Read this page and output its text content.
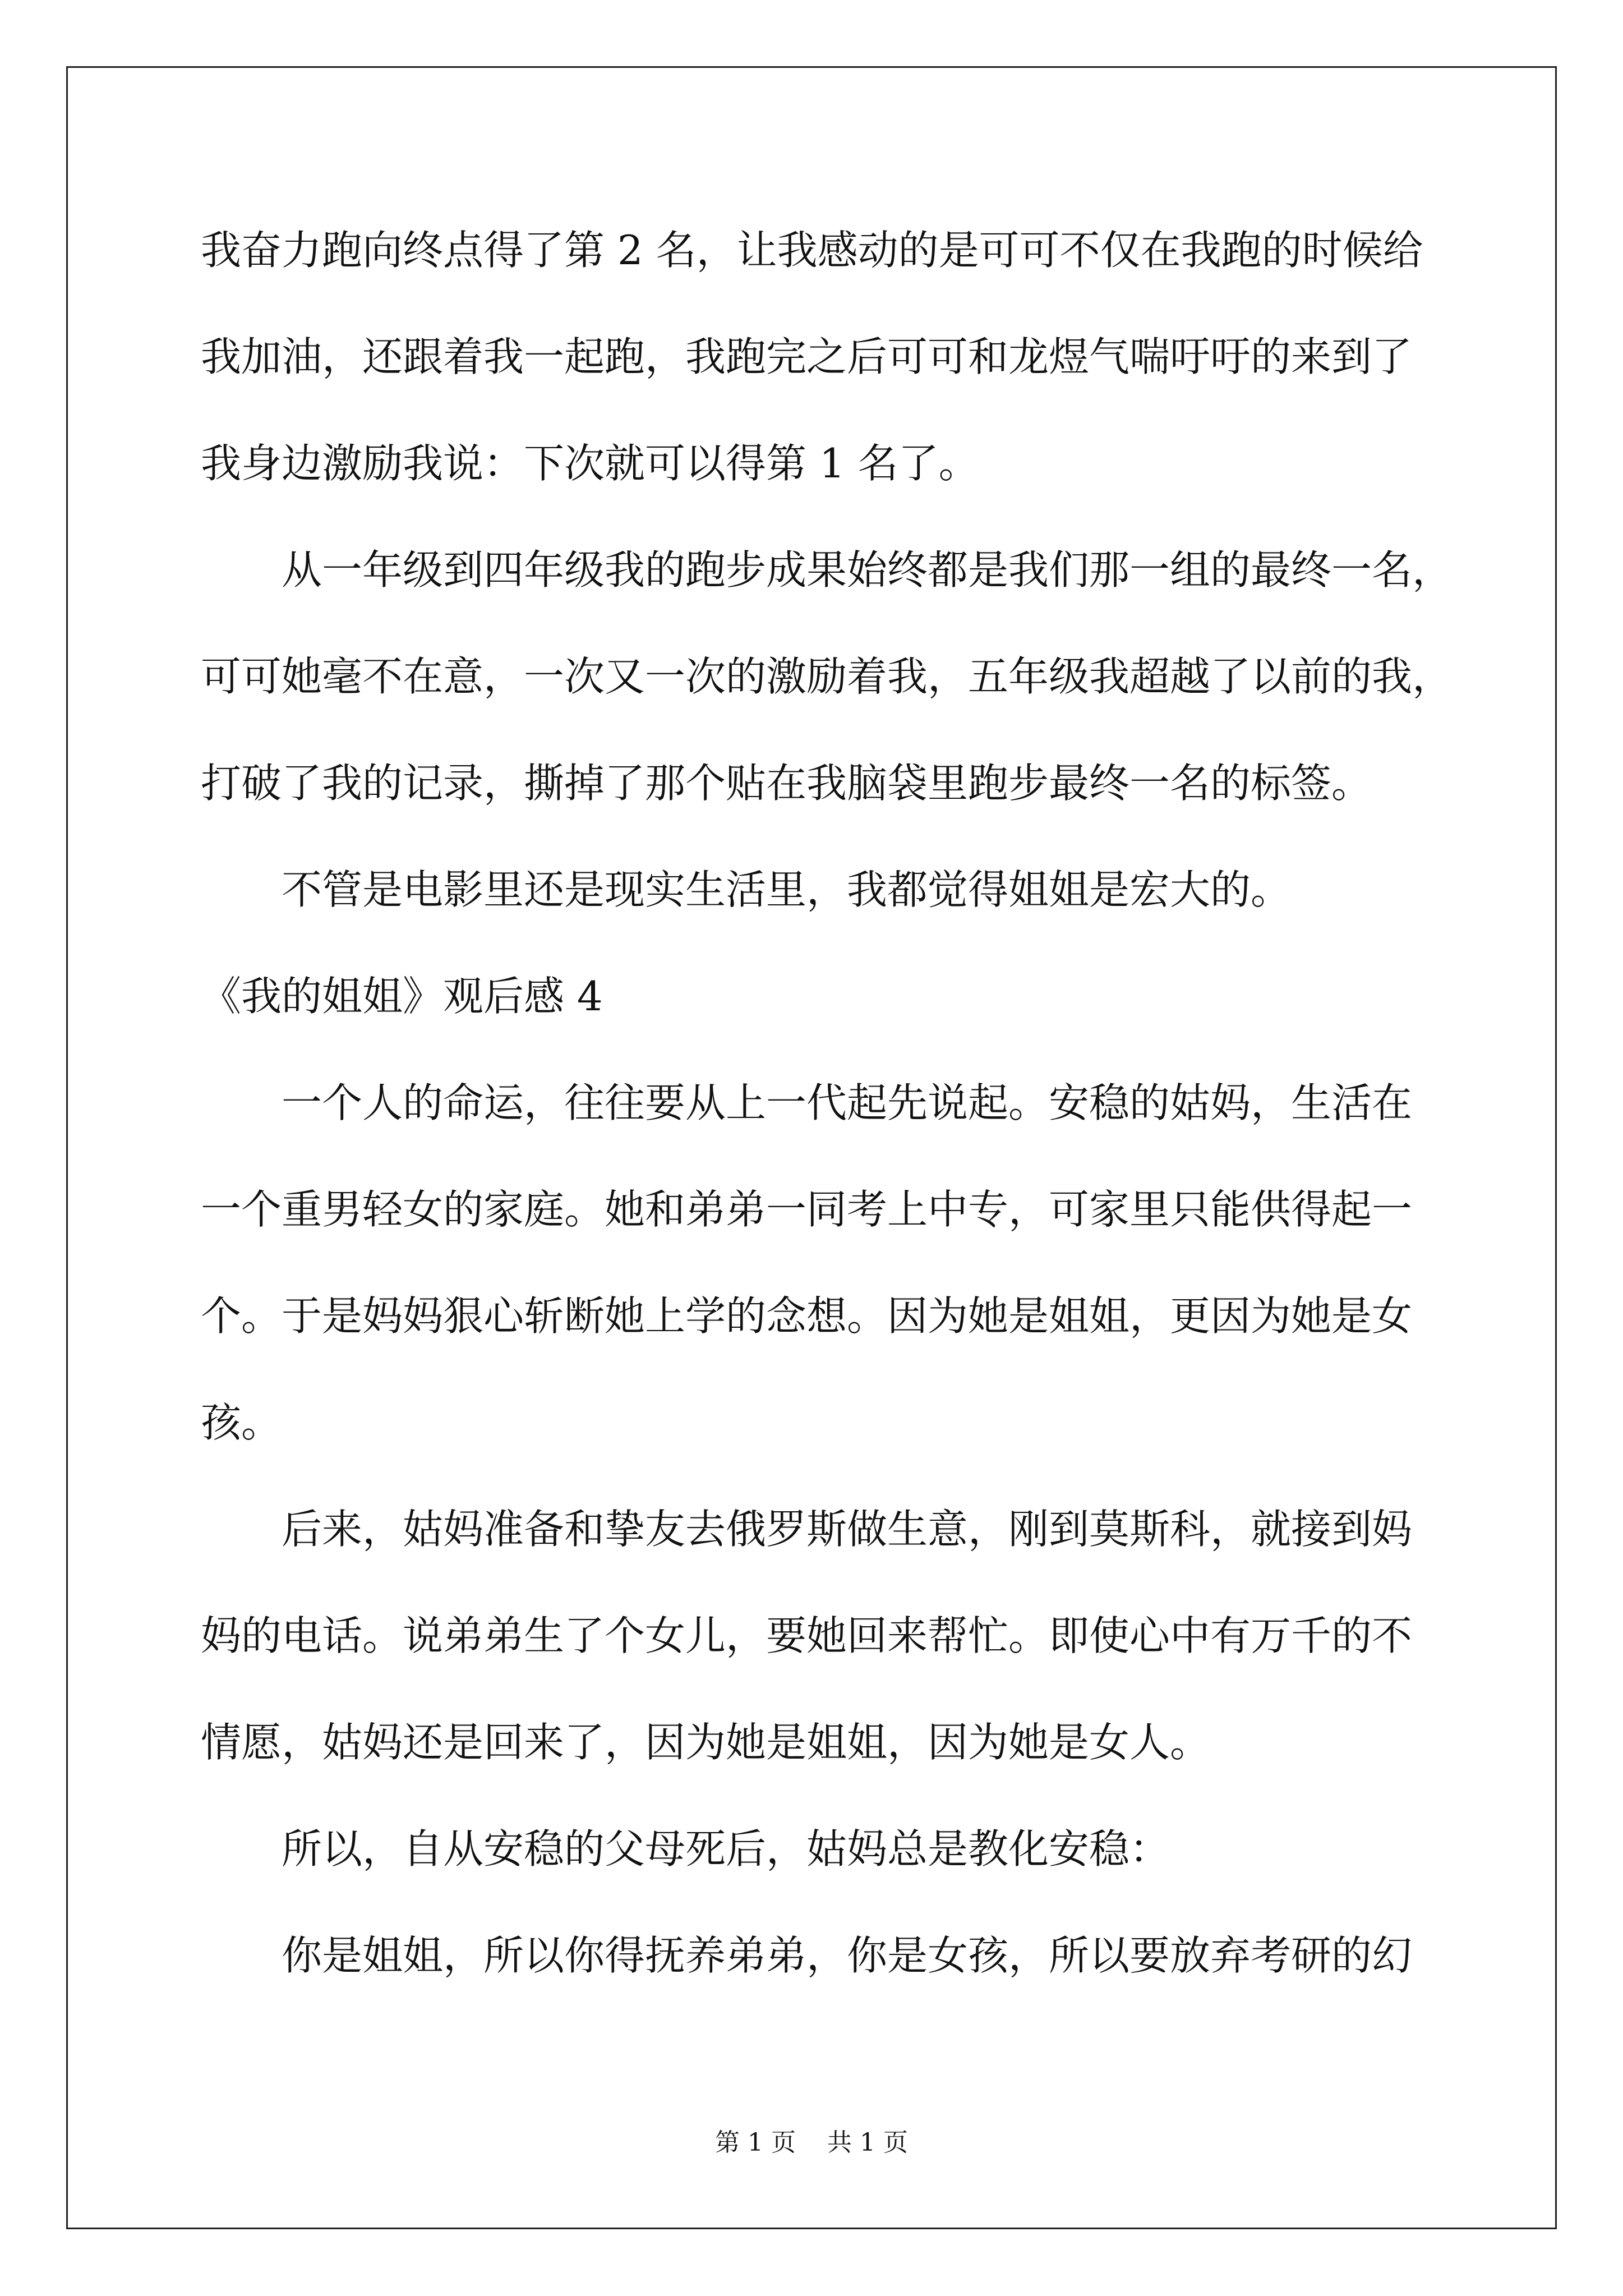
我奋力跑向终点得了第 2 名，让我感动的是可可不仅在我跑的时候给
我加油，还跟着我一起跑，我跑完之后可可和龙煜气喘吁吁的来到了
我身边激励我说：下次就可以得第 1 名了。
从一年级到四年级我的跑步成果始终都是我们那一组的最终一名，
可可她毫不在意，一次又一次的激励着我，五年级我超越了以前的我，
打破了我的记录，撕掉了那个贴在我脑袋里跑步最终一名的标签。
不管是电影里还是现实生活里，我都觉得姐姐是宏大的。
《我的姐姐》观后感 4
一个人的命运，往往要从上一代起先说起。安稳的姑妈，生活在
一个重男轻女的家庭。她和弟弟一同考上中专，可家里只能供得起一
个。于是妈妈狠心斩断她上学的念想。因为她是姐姐，更因为她是女
孩。
后来，姑妈准备和挚友去俄罗斯做生意，刚到莫斯科，就接到妈
妈的电话。说弟弟生了个女儿，要她回来帮忙。即使心中有万千的不
情愿，姑妈还是回来了，因为她是姐姐，因为她是女人。
所以，自从安稳的父母死后，姑妈总是教化安稳：
你是姐姐，所以你得抚养弟弟，你是女孩，所以要放弃考研的幻
第 1 页 共 1 页
